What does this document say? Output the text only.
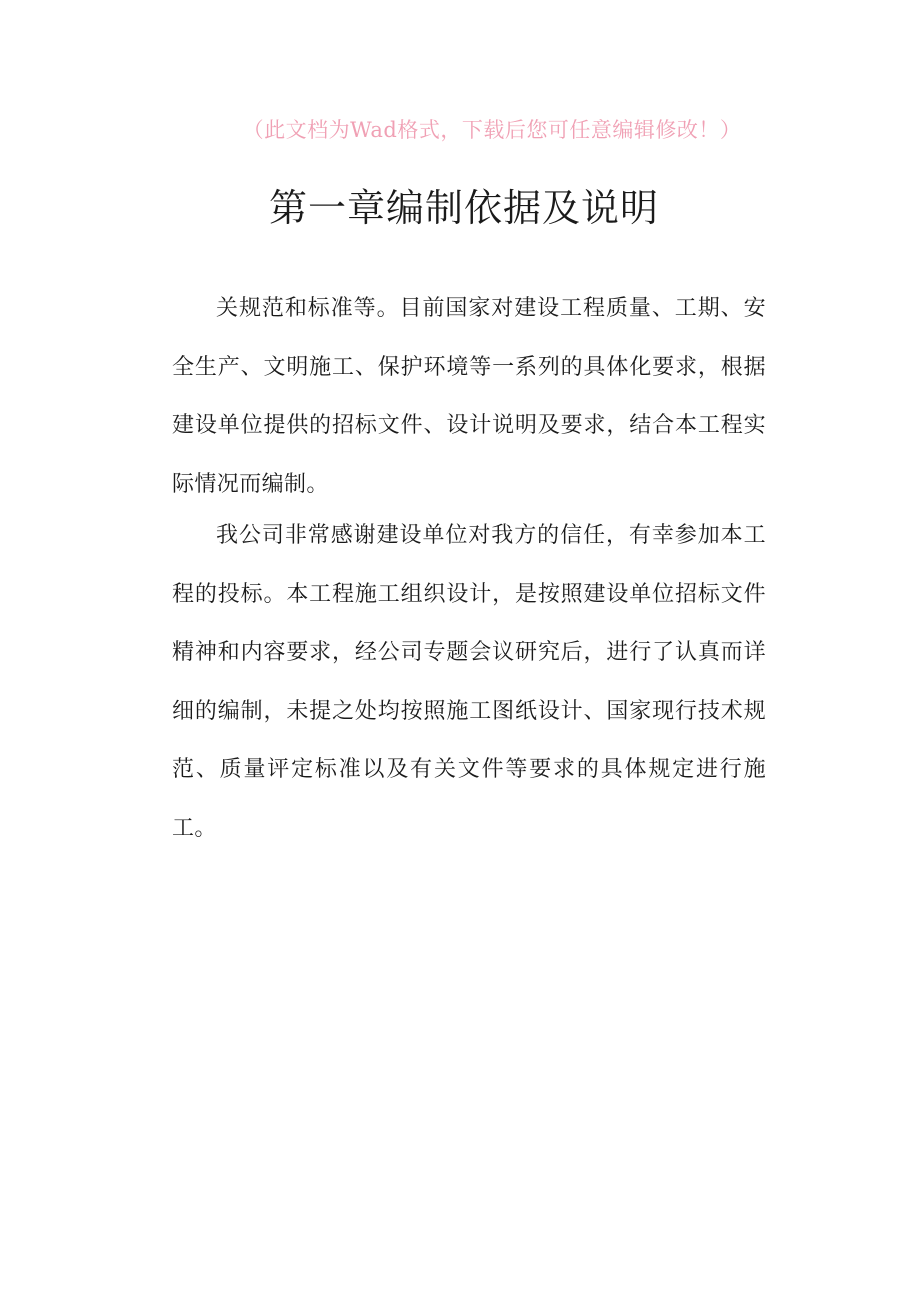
（此文档为Wad格式，下载后您可任意编辑修改！）
第一章编制依据及说明

关规范和标准等。目前国家对建设工程质量、工期、安全生产、文明施工、保护环境等一系列的具体化要求，根据建设单位提供的招标文件、设计说明及要求，结合本工程实际情况而编制。

我公司非常感谢建设单位对我方的信任，有幸参加本工程的投标。本工程施工组织设计，是按照建设单位招标文件精神和内容要求，经公司专题会议研究后，进行了认真而详细的编制，未提之处均按照施工图纸设计、国家现行技术规范、质量评定标准以及有关文件等要求的具体规定进行施工。
